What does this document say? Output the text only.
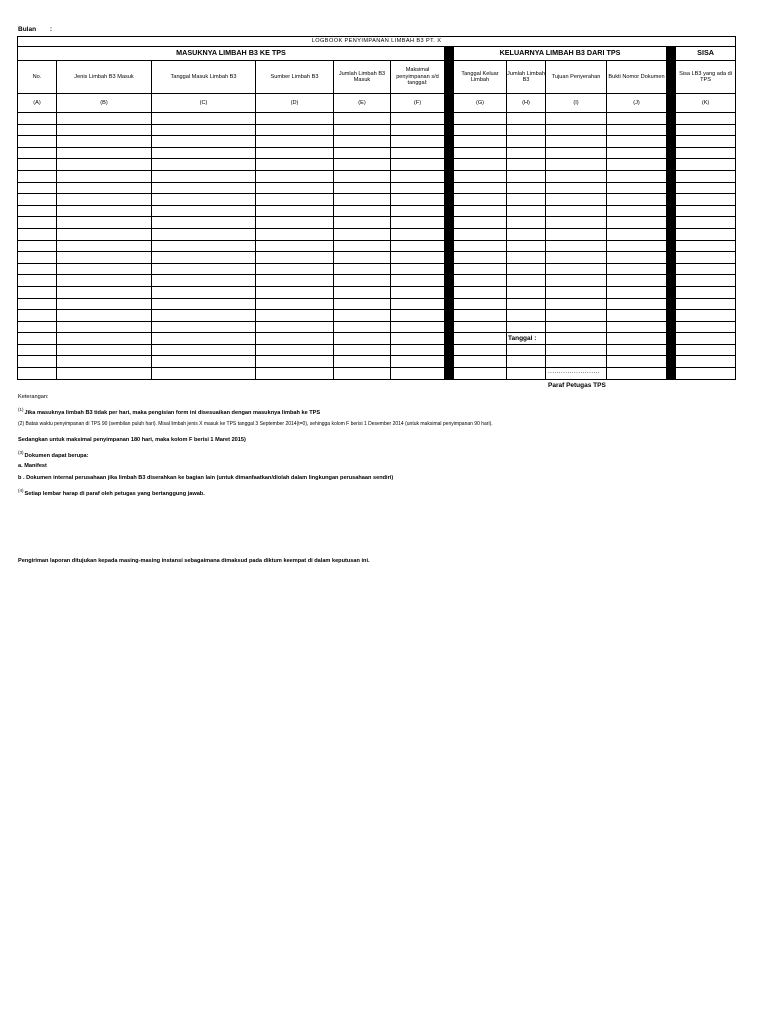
Bulan :
LOGBOOK PENYIMPANAN LIMBAH B3 PT. X												
MASUKNYA LIMBAH B3 KE TPS							KELUARNYA LIMBAH B3 DARI TPS					SISA
No.	Jenis Limbah B3 Masuk	Tanggal Masuk Limbah B3	Sumber Limbah B3	Jumlah Limbah B3 Masuk	Maksimal penyimpanan s/d tanggal:		Tanggal Keluar Limbah	Jumlah Limbah B3	Tujuan Penyerahan	Bukti Nomor Dokumen		Sisa LB3 yang ada di TPS
(A)	(B)	(C)	(D)	(E)	(F)		(G)	(H)	(I)	(J)		(K)

Tanggal :
........................
Paraf Petugas TPS
Keterangan:
$^{(1)}$Jika masuknya limbah B3 tidak per hari, maka pengisian form ini disesuaikan dengan masuknya limbah ke TPS
(2) Batas waktu penyimpanan di TPS 90 (sembilan puluh hari). Misal limbah jenis X masuk ke TPS tanggal 3 September 2014(t=0), sehingga kolom F berisi 1 Desember 2014 (untuk maksimal penyimpanan 90 hari).
Sedangkan untuk maksimal penyimpanan 180 hari, maka kolom F berisi 1 Maret 2015)
$^{(3)}$Dokumen dapat berupa:
a. Manifest
b . Dokumen internal perusahaan jika limbah B3 diserahkan ke bagian lain (untuk dimanfaatkan/diolah dalam lingkungan perusahaan sendiri)
$^{(4)}$Setiap lembar harap di paraf oleh petugas yang bertanggung jawab.
Pengiriman laporan ditujukan kepada masing-masing instansi sebagaimana dimaksud pada diktum keempat di dalam keputusan ini.
